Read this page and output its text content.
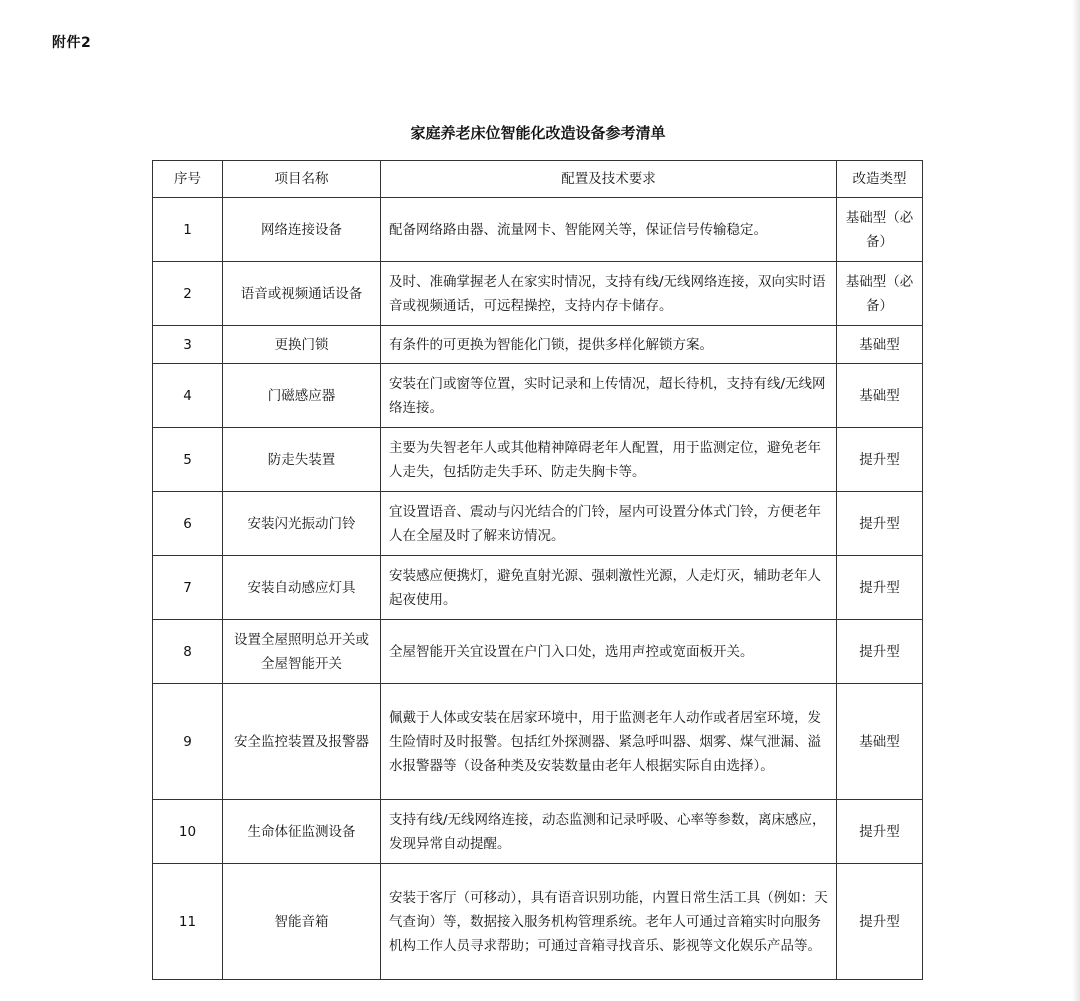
附件2
家庭养老床位智能化改造设备参考清单
序号	项目名称	配置及技术要求	改造类型
1	网络连接设备	配备网络路由器、流量网卡、智能网关等，保证信号传输稳定。	基础型（必备）
2	语音或视频通话设备	及时、准确掌握老人在家实时情况，支持有线/无线网络连接，双向实时语音或视频通话，可远程操控，支持内存卡储存。	基础型（必备）
3	更换门锁	有条件的可更换为智能化门锁，提供多样化解锁方案。	基础型
4	门磁感应器	安装在门或窗等位置，实时记录和上传情况，超长待机，支持有线/无线网络连接。	基础型
5	防走失装置	主要为失智老年人或其他精神障碍老年人配置，用于监测定位，避免老年人走失，包括防走失手环、防走失胸卡等。	提升型
6	安装闪光振动门铃	宜设置语音、震动与闪光结合的门铃，屋内可设置分体式门铃，方便老年人在全屋及时了解来访情况。	提升型
7	安装自动感应灯具	安装感应便携灯，避免直射光源、强刺激性光源，人走灯灭，辅助老年人起夜使用。	提升型
8	设置全屋照明总开关或全屋智能开关	全屋智能开关宜设置在户门入口处，选用声控或宽面板开关。	提升型
9	安全监控装置及报警器	佩戴于人体或安装在居家环境中，用于监测老年人动作或者居室环境，发生险情时及时报警。包括红外探测器、紧急呼叫器、烟雾、煤气泄漏、溢水报警器等（设备种类及安装数量由老年人根据实际自由选择）。	基础型
10	生命体征监测设备	支持有线/无线网络连接，动态监测和记录呼吸、心率等参数，离床感应，发现异常自动提醒。	提升型
11	智能音箱	安装于客厅（可移动），具有语音识别功能，内置日常生活工具（例如：天气查询）等，数据接入服务机构管理系统。老年人可通过音箱实时向服务机构工作人员寻求帮助；可通过音箱寻找音乐、影视等文化娱乐产品等。	提升型
